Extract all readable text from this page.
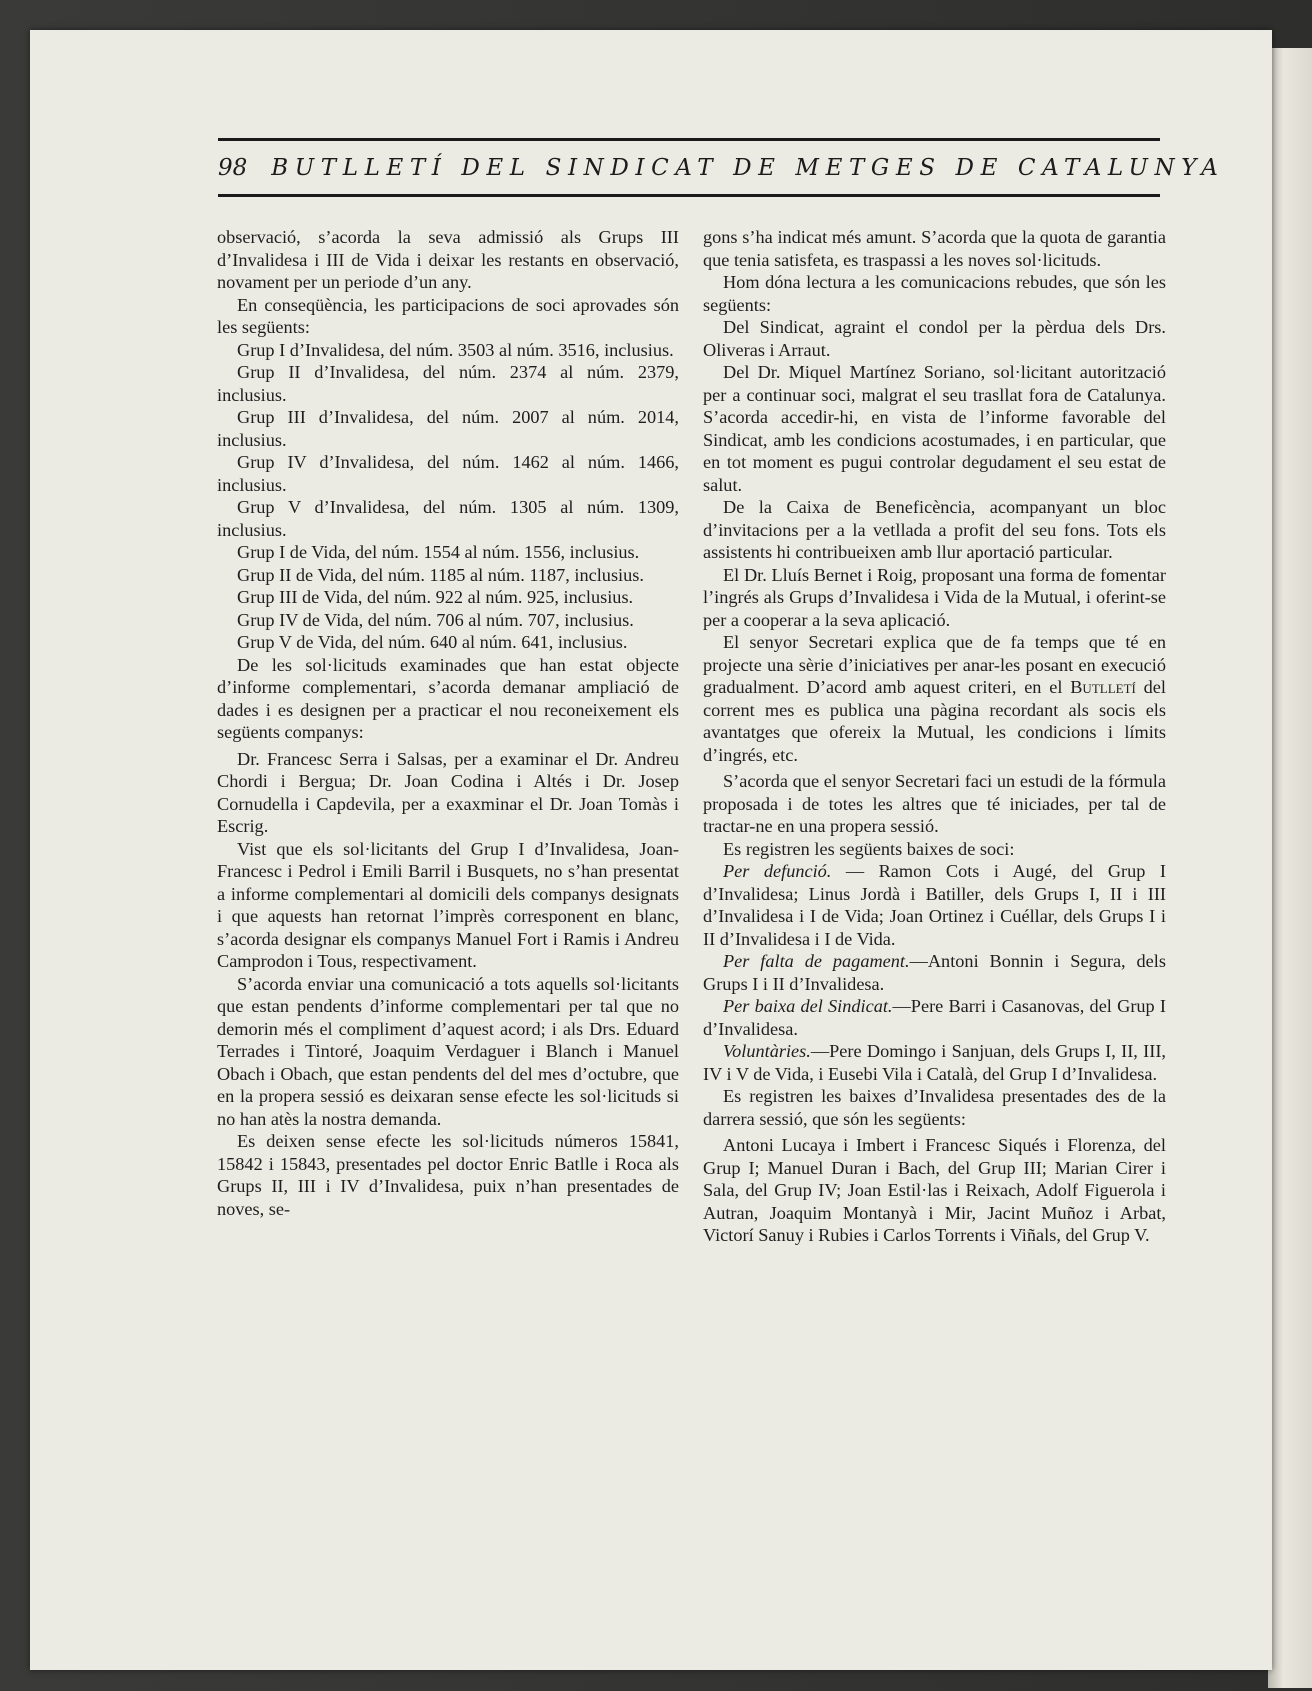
98 BUTLLETÍ DEL SINDICAT DE METGES DE CATALUNYA

observació, s’acorda la seva admissió als Grups III d’Invalidesa i III de Vida i deixar les restants en observació, novament per un periode d’un any.

En conseqüència, les participacions de soci aprovades són les següents:

Grup I d’Invalidesa, del núm. 3503 al núm. 3516, inclusius.

Grup II d’Invalidesa, del núm. 2374 al núm. 2379, inclusius.

Grup III d’Invalidesa, del núm. 2007 al núm. 2014, inclusius.

Grup IV d’Invalidesa, del núm. 1462 al núm. 1466, inclusius.

Grup V d’Invalidesa, del núm. 1305 al núm. 1309, inclusius.

Grup I de Vida, del núm. 1554 al núm. 1556, inclusius.

Grup II de Vida, del núm. 1185 al núm. 1187, inclusius.

Grup III de Vida, del núm. 922 al núm. 925, inclusius.

Grup IV de Vida, del núm. 706 al núm. 707, inclusius.

Grup V de Vida, del núm. 640 al núm. 641, inclusius.

De les sol·licituds examinades que han estat objecte d’informe complementari, s’acorda demanar ampliació de dades i es designen per a practicar el nou reconeixement els següents companys:

Dr. Francesc Serra i Salsas, per a examinar el Dr. Andreu Chordi i Bergua; Dr. Joan Codina i Altés i Dr. Josep Cornudella i Capdevila, per a exaxminar el Dr. Joan Tomàs i Escrig.

Vist que els sol·licitants del Grup I d’Invalidesa, Joan-Francesc i Pedrol i Emili Barril i Busquets, no s’han presentat a informe complementari al domicili dels companys designats i que aquests han retornat l’imprès corresponent en blanc, s’acorda designar els companys Manuel Fort i Ramis i Andreu Camprodon i Tous, respectivament.

S’acorda enviar una comunicació a tots aquells sol·licitants que estan pendents d’informe complementari per tal que no demorin més el compliment d’aquest acord; i als Drs. Eduard Terrades i Tintoré, Joaquim Verdaguer i Blanch i Manuel Obach i Obach, que estan pendents del del mes d’octubre, que en la propera sessió es deixaran sense efecte les sol·licituds si no han atès la nostra demanda.

Es deixen sense efecte les sol·licituds números 15841, 15842 i 15843, presentades pel doctor Enric Batlle i Roca als Grups II, III i IV d’Invalidesa, puix n’han presentades de noves, se-

gons s’ha indicat més amunt. S’acorda que la quota de garantia que tenia satisfeta, es traspassi a les noves sol·licituds.

Hom dóna lectura a les comunicacions rebudes, que són les següents:

Del Sindicat, agraint el condol per la pèrdua dels Drs. Oliveras i Arraut.

Del Dr. Miquel Martínez Soriano, sol·licitant autorització per a continuar soci, malgrat el seu trasllat fora de Catalunya. S’acorda accedir-hi, en vista de l’informe favorable del Sindicat, amb les condicions acostumades, i en particular, que en tot moment es pugui controlar degudament el seu estat de salut.

De la Caixa de Beneficència, acompanyant un bloc d’invitacions per a la vetllada a profit del seu fons. Tots els assistents hi contribueixen amb llur aportació particular.

El Dr. Lluís Bernet i Roig, proposant una forma de fomentar l’ingrés als Grups d’Invalidesa i Vida de la Mutual, i oferint-se per a cooperar a la seva aplicació.

El senyor Secretari explica que de fa temps que té en projecte una sèrie d’iniciatives per anar-les posant en execució gradualment. D’acord amb aquest criteri, en el Butlletí del corrent mes es publica una pàgina recordant als socis els avantatges que ofereix la Mutual, les condicions i límits d’ingrés, etc.

S’acorda que el senyor Secretari faci un estudi de la fórmula proposada i de totes les altres que té iniciades, per tal de tractar-ne en una propera sessió.

Es registren les següents baixes de soci:

Per defunció. — Ramon Cots i Augé, del Grup I d’Invalidesa; Linus Jordà i Batiller, dels Grups I, II i III d’Invalidesa i I de Vida; Joan Ortinez i Cuéllar, dels Grups I i II d’Invalidesa i I de Vida.

Per falta de pagament.—Antoni Bonnin i Segura, dels Grups I i II d’Invalidesa.

Per baixa del Sindicat.—Pere Barri i Casanovas, del Grup I d’Invalidesa.

Voluntàries.—Pere Domingo i Sanjuan, dels Grups I, II, III, IV i V de Vida, i Eusebi Vila i Català, del Grup I d’Invalidesa.

Es registren les baixes d’Invalidesa presentades des de la darrera sessió, que són les següents:

Antoni Lucaya i Imbert i Francesc Siqués i Florenza, del Grup I; Manuel Duran i Bach, del Grup III; Marian Cirer i Sala, del Grup IV; Joan Estil·las i Reixach, Adolf Figuerola i Autran, Joaquim Montanyà i Mir, Jacint Muñoz i Arbat, Victorí Sanuy i Rubies i Carlos Torrents i Viñals, del Grup V.
